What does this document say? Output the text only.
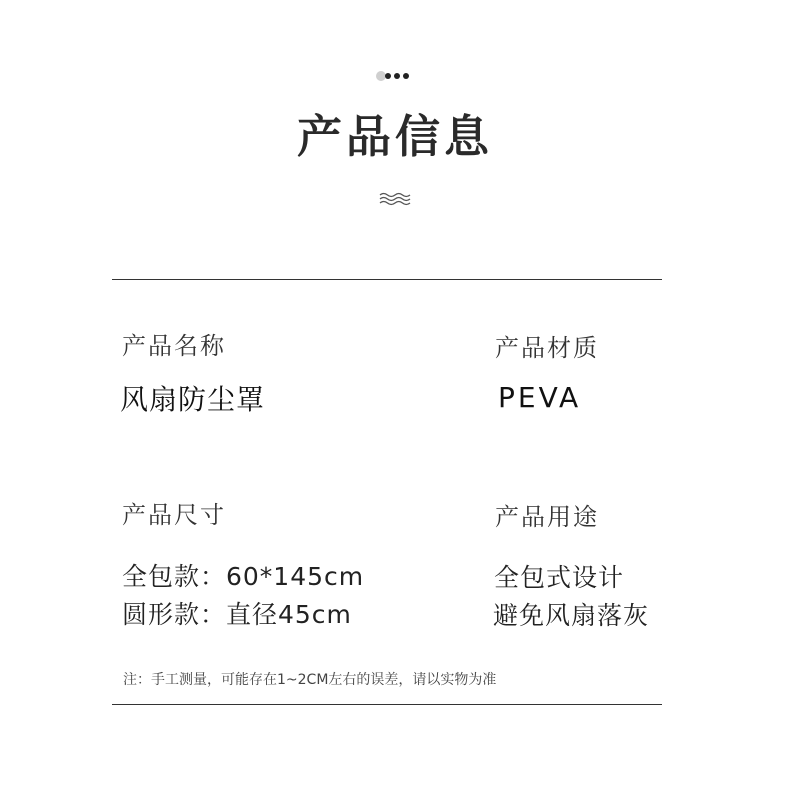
产品信息
产品名称
风扇防尘罩
产品材质
PEVA
产品尺寸
全包款：60*145cm
圆形款：直径45cm
产品用途
全包式设计
避免风扇落灰
注：手工测量，可能存在1~2CM左右的误差，请以实物为准
